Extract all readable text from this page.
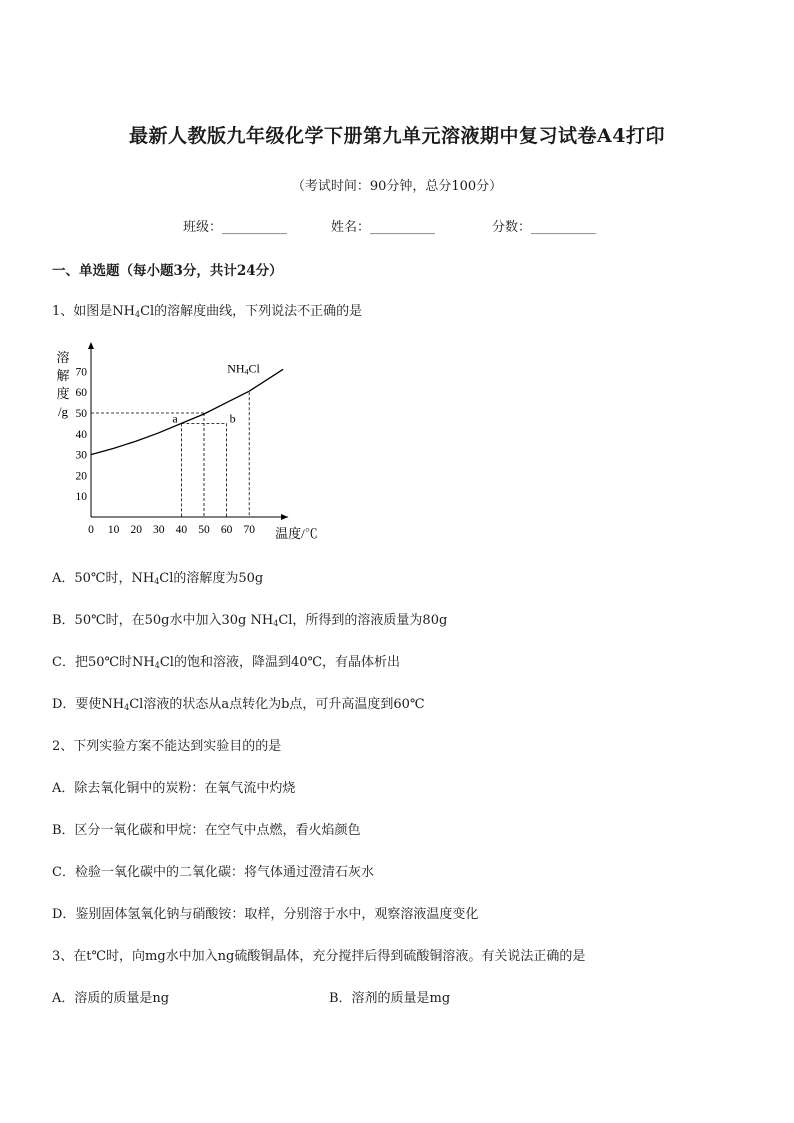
最新人教版九年级化学下册第九单元溶液期中复习试卷A4打印
（考试时间：90分钟，总分100分）
班级：__________	姓名：__________	分数：__________
一、单选题（每小题3分，共计24分）
1、如图是$NH_4Cl$的溶解度曲线，下列说法不正确的是
0 10 20 30 40 50 60 70
10
20
30
40
50
60
70
溶
解
度
/g
温度/℃
a	b
NH4Cl
A．50℃时，$NH_4Cl$的溶解度为50g
B．50℃时，在50g水中加入30g $NH_4Cl$，所得到的溶液质量为80g
C．把50℃时$NH_4Cl$的饱和溶液，降温到40℃，有晶体析出
D．要使$NH_4Cl$溶液的状态从a点转化为b点，可升高温度到60℃
2、下列实验方案不能达到实验目的的是
A．除去氧化铜中的炭粉：在氧气流中灼烧
B．区分一氧化碳和甲烷：在空气中点燃，看火焰颜色
C．检验一氧化碳中的二氧化碳：将气体通过澄清石灰水
D．鉴别固体氢氧化钠与硝酸铵：取样，分别溶于水中，观察溶液温度变化
3、在t℃时，向mg水中加入ng硫酸铜晶体，充分搅拌后得到硫酸铜溶液。有关说法正确的是
A．溶质的质量是ng	B．溶剂的质量是mg
